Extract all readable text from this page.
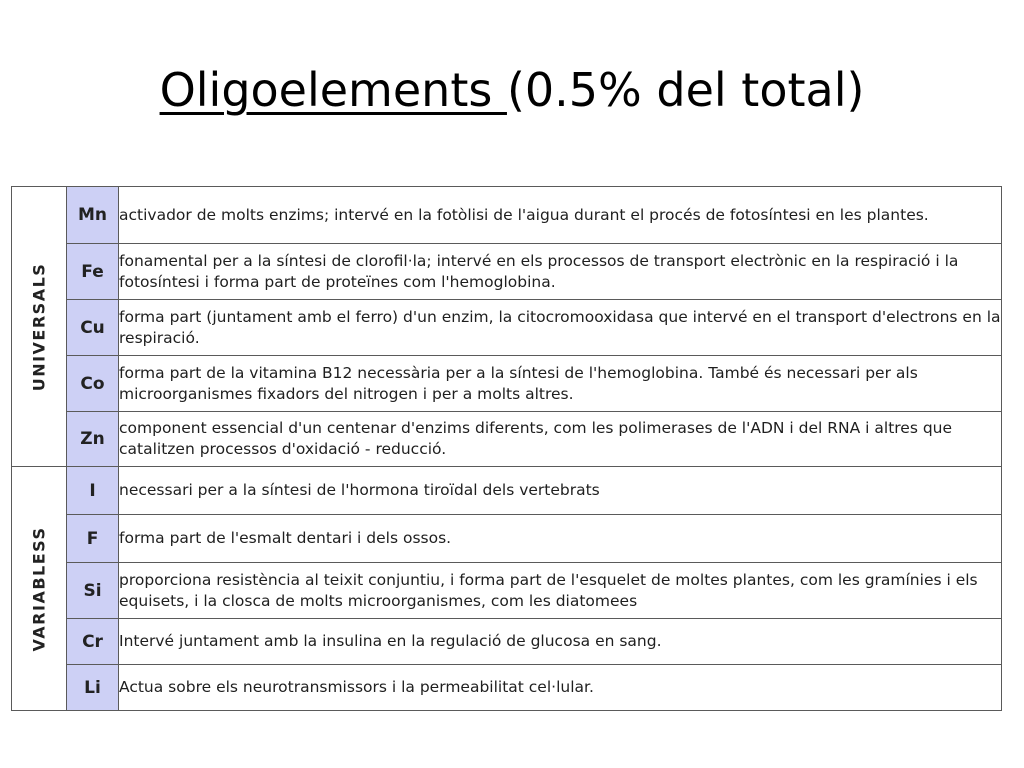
Oligoelements (0.5% del total)
UNIVERSALS	Mn	activador de molts enzims; intervé en la fotòlisi de l'aigua durant el procés de fotosíntesi en les plantes.
	Fe	fonamental per a la síntesi de clorofil·la; intervé en els processos de transport electrònic en la respiració i la fotosíntesi i forma part de proteïnes com l'hemoglobina.
	Cu	forma part (juntament amb el ferro) d'un enzim, la citocromooxidasa que intervé en el transport d'electrons en la respiració.
	Co	forma part de la vitamina B12 necessària per a la síntesi de l'hemoglobina. També és necessari per als microorganismes fixadors del nitrogen i per a molts altres.
	Zn	component essencial d'un centenar d'enzims diferents, com les polimerases de l'ADN i del RNA i altres que catalitzen processos d'oxidació - reducció.

VARIABLESS	I	necessari per a la síntesi de l'hormona tiroïdal dels vertebrats
	F	forma part de l'esmalt dentari i dels ossos.
	Si	proporciona resistència al teixit conjuntiu, i forma part de l'esquelet de moltes plantes, com les gramínies i els equisets, i la closca de molts microorganismes, com les diatomees
	Cr	Intervé juntament amb la insulina en la regulació de glucosa en sang.
	Li	Actua sobre els neurotransmissors i la permeabilitat cel·lular.
